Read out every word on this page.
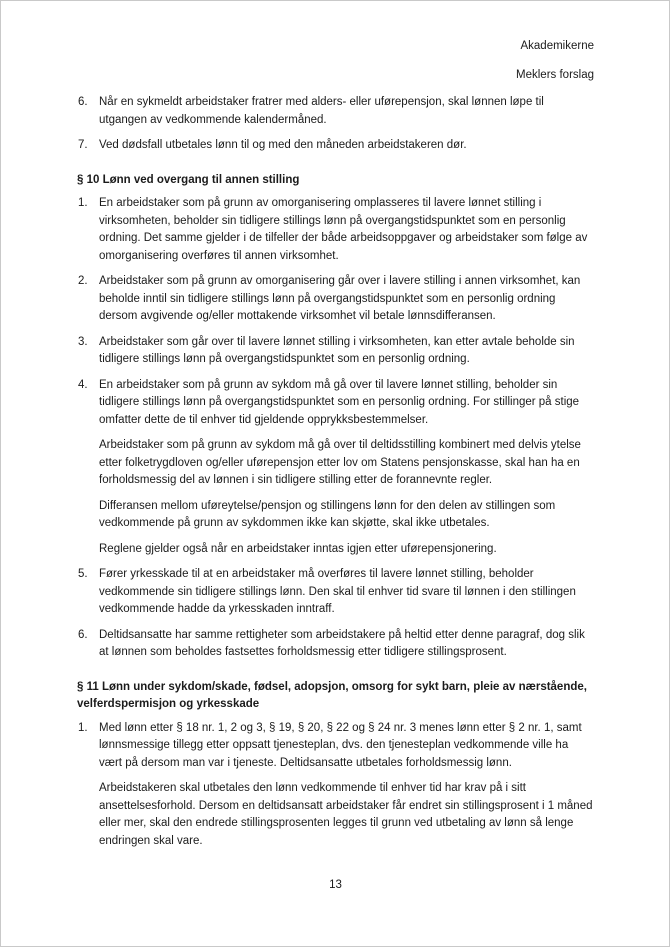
Akademikerne
Meklers forslag
6. Når en sykmeldt arbeidstaker fratrer med alders- eller uførepensjon, skal lønnen løpe til utgangen av vedkommende kalendermåned.

7. Ved dødsfall utbetales lønn til og med den måneden arbeidstakeren dør.

§ 10 Lønn ved overgang til annen stilling
1. En arbeidstaker som på grunn av omorganisering omplasseres til lavere lønnet stilling i virksomheten, beholder sin tidligere stillings lønn på overgangstidspunktet som en personlig ordning. Det samme gjelder i de tilfeller der både arbeidsoppgaver og arbeidstaker som følge av omorganisering overføres til annen virksomhet.

2. Arbeidstaker som på grunn av omorganisering går over i lavere stilling i annen virksomhet, kan beholde inntil sin tidligere stillings lønn på overgangstidspunktet som en personlig ordning dersom avgivende og/eller mottakende virksomhet vil betale lønnsdifferansen.

3. Arbeidstaker som går over til lavere lønnet stilling i virksomheten, kan etter avtale beholde sin tidligere stillings lønn på overgangstidspunktet som en personlig ordning.

4. En arbeidstaker som på grunn av sykdom må gå over til lavere lønnet stilling, beholder sin tidligere stillings lønn på overgangstidspunktet som en personlig ordning. For stillinger på stige omfatter dette de til enhver tid gjeldende opprykksbestemmelser.

Arbeidstaker som på grunn av sykdom må gå over til deltidsstilling kombinert med delvis ytelse etter folketrygdloven og/eller uførepensjon etter lov om Statens pensjonskasse, skal han ha en forholdsmessig del av lønnen i sin tidligere stilling etter de forannevnte regler.

Differansen mellom uføreytelse/pensjon og stillingens lønn for den delen av stillingen som vedkommende på grunn av sykdommen ikke kan skjøtte, skal ikke utbetales.

Reglene gjelder også når en arbeidstaker inntas igjen etter uførepensjonering.

5. Fører yrkesskade til at en arbeidstaker må overføres til lavere lønnet stilling, beholder vedkommende sin tidligere stillings lønn. Den skal til enhver tid svare til lønnen i den stillingen vedkommende hadde da yrkesskaden inntraff.

6. Deltidsansatte har samme rettigheter som arbeidstakere på heltid etter denne paragraf, dog slik at lønnen som beholdes fastsettes forholdsmessig etter tidligere stillingsprosent.

§ 11 Lønn under sykdom/skade, fødsel, adopsjon, omsorg for sykt barn, pleie av nærstående, velferdspermisjon og yrkesskade
1. Med lønn etter § 18 nr. 1, 2 og 3, § 19, § 20, § 22 og § 24 nr. 3 menes lønn etter § 2 nr. 1, samt lønnsmessige tillegg etter oppsatt tjenesteplan, dvs. den tjenesteplan vedkommende ville ha vært på dersom man var i tjeneste. Deltidsansatte utbetales forholdsmessig lønn.

Arbeidstakeren skal utbetales den lønn vedkommende til enhver tid har krav på i sitt ansettelsesforhold. Dersom en deltidsansatt arbeidstaker får endret sin stillingsprosent i 1 måned eller mer, skal den endrede stillingsprosenten legges til grunn ved utbetaling av lønn så lenge endringen skal vare.

13
